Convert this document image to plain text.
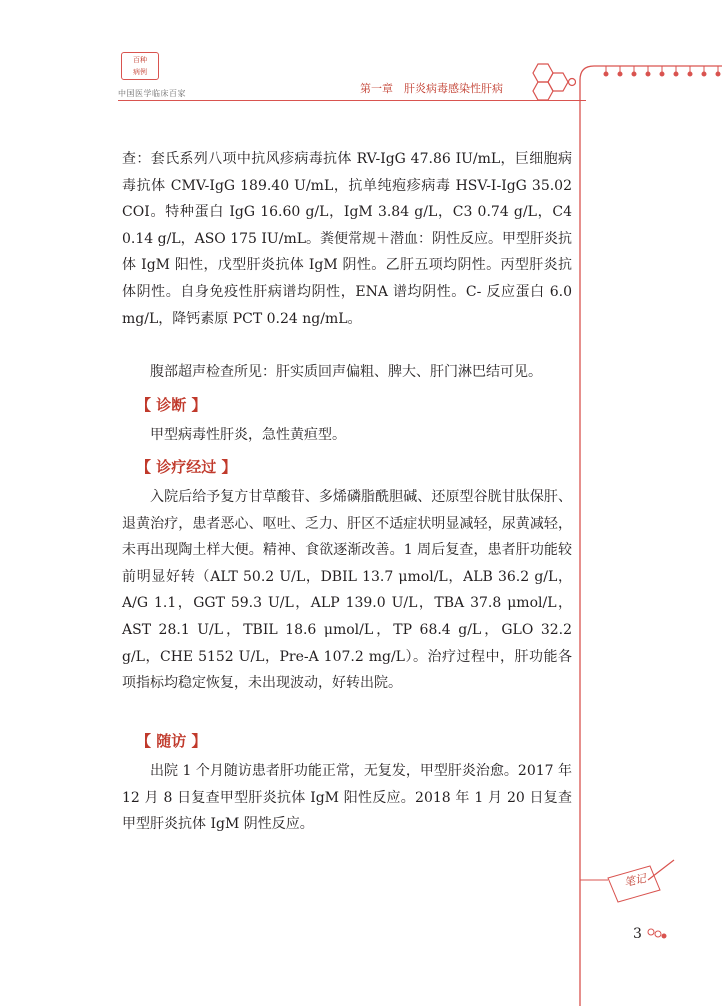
百种
病例
中国医学临床百家	第一章　肝炎病毒感染性肝病
笔记

查：套氏系列八项中抗风疹病毒抗体 RV-IgG 47.86 IU/mL，巨细胞病毒抗体 CMV-IgG 189.40 U/mL，抗单纯疱疹病毒 HSV-I-IgG 35.02 COI。特种蛋白 IgG 16.60 g/L，IgM 3.84 g/L，C3 0.74 g/L，C4 0.14 g/L，ASO 175 IU/mL。粪便常规＋潜血：阴性反应。甲型肝炎抗体 IgM 阳性，戊型肝炎抗体 IgM 阴性。乙肝五项均阴性。丙型肝炎抗体阴性。自身免疫性肝病谱均阴性，ENA 谱均阴性。C- 反应蛋白 6.0 mg/L，降钙素原 PCT 0.24 ng/mL。

腹部超声检查所见：肝实质回声偏粗、脾大、肝门淋巴结可见。

【 诊断 】

甲型病毒性肝炎，急性黄疸型。

【 诊疗经过 】

入院后给予复方甘草酸苷、多烯磷脂酰胆碱、还原型谷胱甘肽保肝、退黄治疗，患者恶心、呕吐、乏力、肝区不适症状明显减轻，尿黄减轻，未再出现陶土样大便。精神、食欲逐渐改善。1 周后复查，患者肝功能较前明显好转（ALT 50.2 U/L，DBIL 13.7 μmol/L，ALB 36.2 g/L，A/G 1.1，GGT 59.3 U/L，ALP 139.0 U/L，TBA 37.8 μmol/L，AST 28.1 U/L，TBIL 18.6 μmol/L，TP 68.4 g/L，GLO 32.2 g/L，CHE 5152 U/L，Pre-A 107.2 mg/L）。治疗过程中，肝功能各项指标均稳定恢复，未出现波动，好转出院。

【 随访 】

出院 1 个月随访患者肝功能正常，无复发，甲型肝炎治愈。2017 年 12 月 8 日复查甲型肝炎抗体 IgM 阳性反应。2018 年 1 月 20 日复查甲型肝炎抗体 IgM 阴性反应。

3
